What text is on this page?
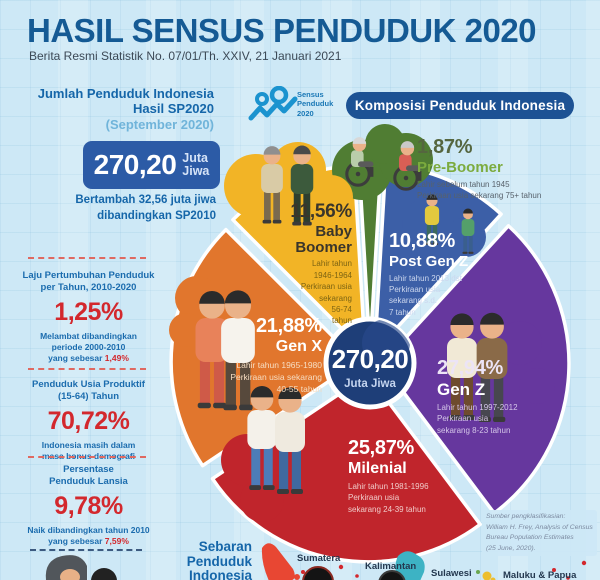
270,20
Juta Jiwa
HASIL SENSUS PENDUDUK 2020
Berita Resmi Statistik No. 07/01/Th. XXIV, 21 Januari 2021
Jumlah Penduduk Indonesia
Hasil SP2020
(September 2020)
270,20 Juta
Jiwa
Bertambah 32,56 juta jiwa
dibandingkan SP2010
Sensus
Penduduk
2020
Komposisi Penduduk Indonesia
Laju Pertumbuhan Penduduk
per Tahun, 2010-2020
1,25%
Melambat dibandingkan
periode 2000-2010
yang sebesar 1,49%
Penduduk Usia Produktif
(15-64) Tahun
70,72%
Indonesia masih dalam
masa bonus demografi
Persentase
Penduduk Lansia
9,78%
Naik dibandingkan tahun 2010
yang sebesar 7,59%
1,87%
Pre-Boomer
Lahir sebelum tahun 1945
Perkiraan usia sekarang 75+ tahun
10,88%
Post Gen Z
Lahir tahun 2013 dst
Perkiraan usia
sekarang s.d.
7 tahun
27,94%
Gen Z
Lahir tahun 1997-2012
Perkiraan usia
sekarang 8-23 tahun
25,87%
Milenial
Lahir tahun 1981-1996
Perkiraan usia
sekarang 24-39 tahun
21,88%
Gen X
Lahir tahun 1965-1980
Perkiraan usia sekarang
40-55 tahun
11,56%
Baby Boomer
Lahir tahun
1946-1964
Perkiraan usia
sekarang
56-74
tahun
Sebaran
Penduduk
Indonesia
Sumatera
Kalimantan
Sulawesi	Maluku & Papua
Sumber pengklasifikasian:
William H. Frey, Analysis of Census
Bureau Population Estimates
(25 June, 2020).
